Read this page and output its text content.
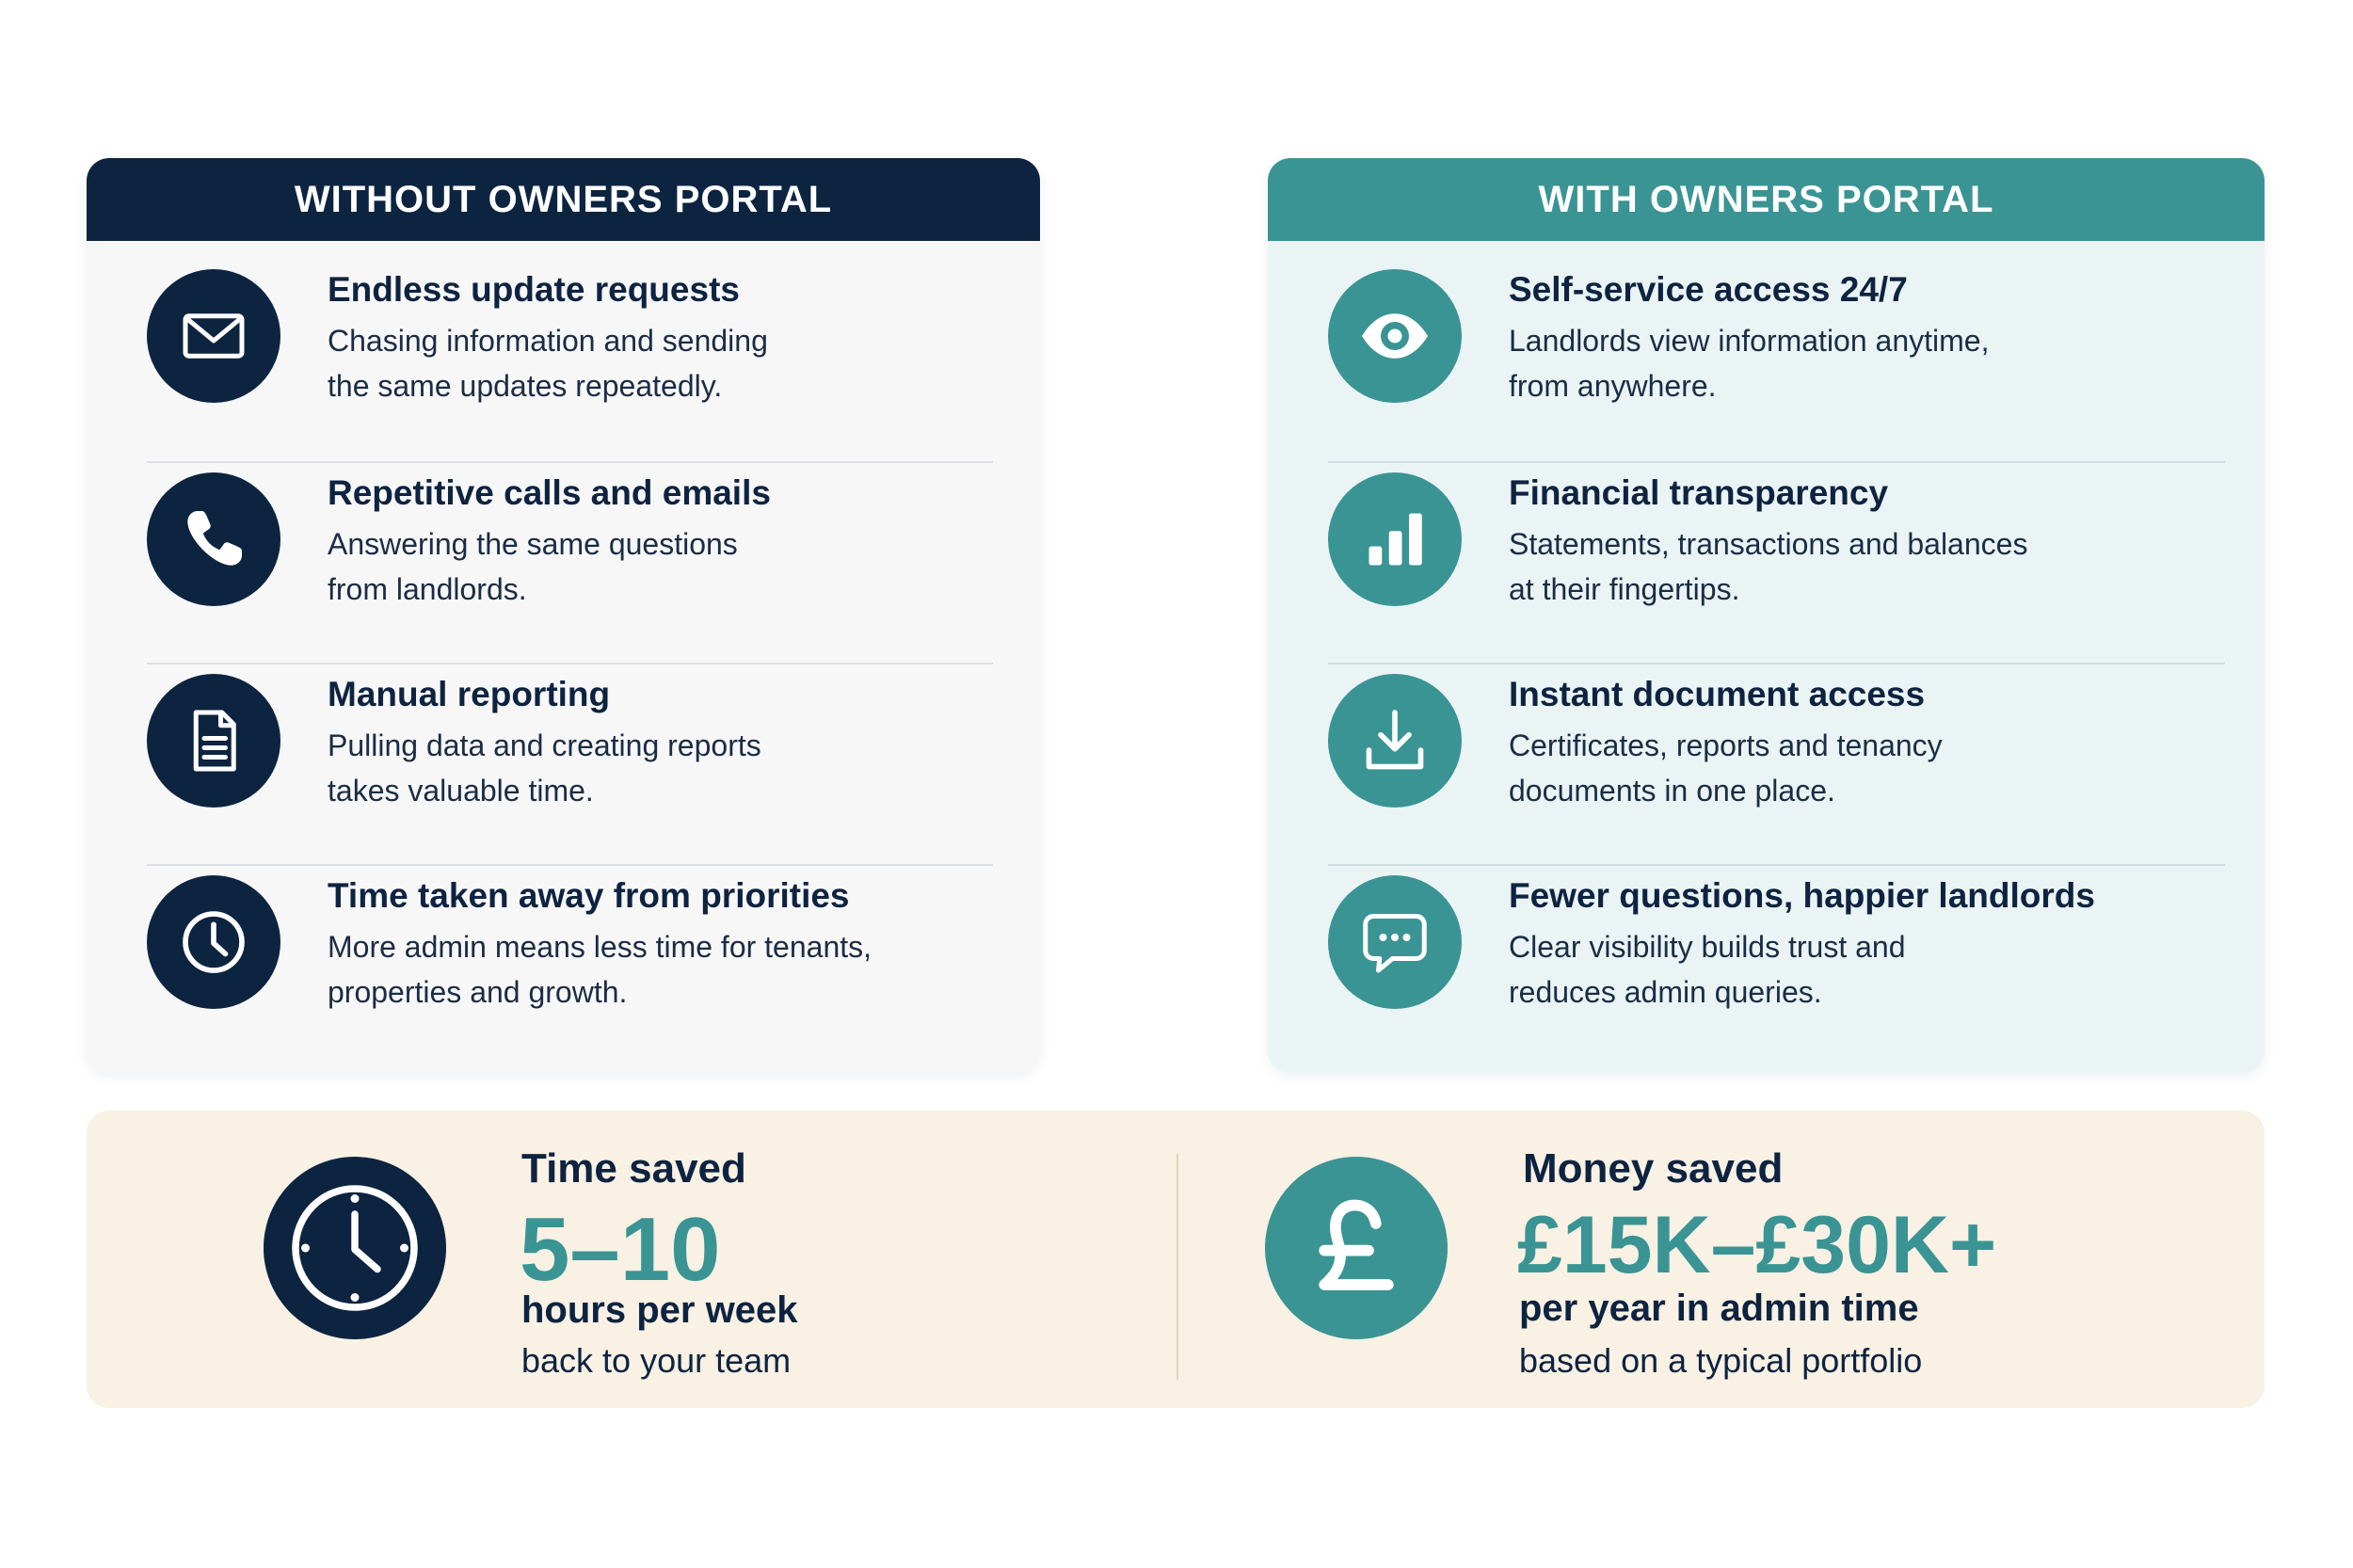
WITHOUT OWNERS PORTAL
Endless update requests
Chasing information and sending
the same updates repeatedly.
Repetitive calls and emails
Answering the same questions
from landlords.
Manual reporting
Pulling data and creating reports
takes valuable time.
Time taken away from priorities
More admin means less time for tenants,
properties and growth.
WITH OWNERS PORTAL
Self-service access 24/7
Landlords view information anytime,
from anywhere.
Financial transparency
Statements, transactions and balances
at their fingertips.
Instant document access
Certificates, reports and tenancy
documents in one place.
Fewer questions, happier landlords
Clear visibility builds trust and
reduces admin queries.
Time saved
5–10
hours per week
back to your team
Money saved
£15K–£30K+
per year in admin time
based on a typical portfolio
